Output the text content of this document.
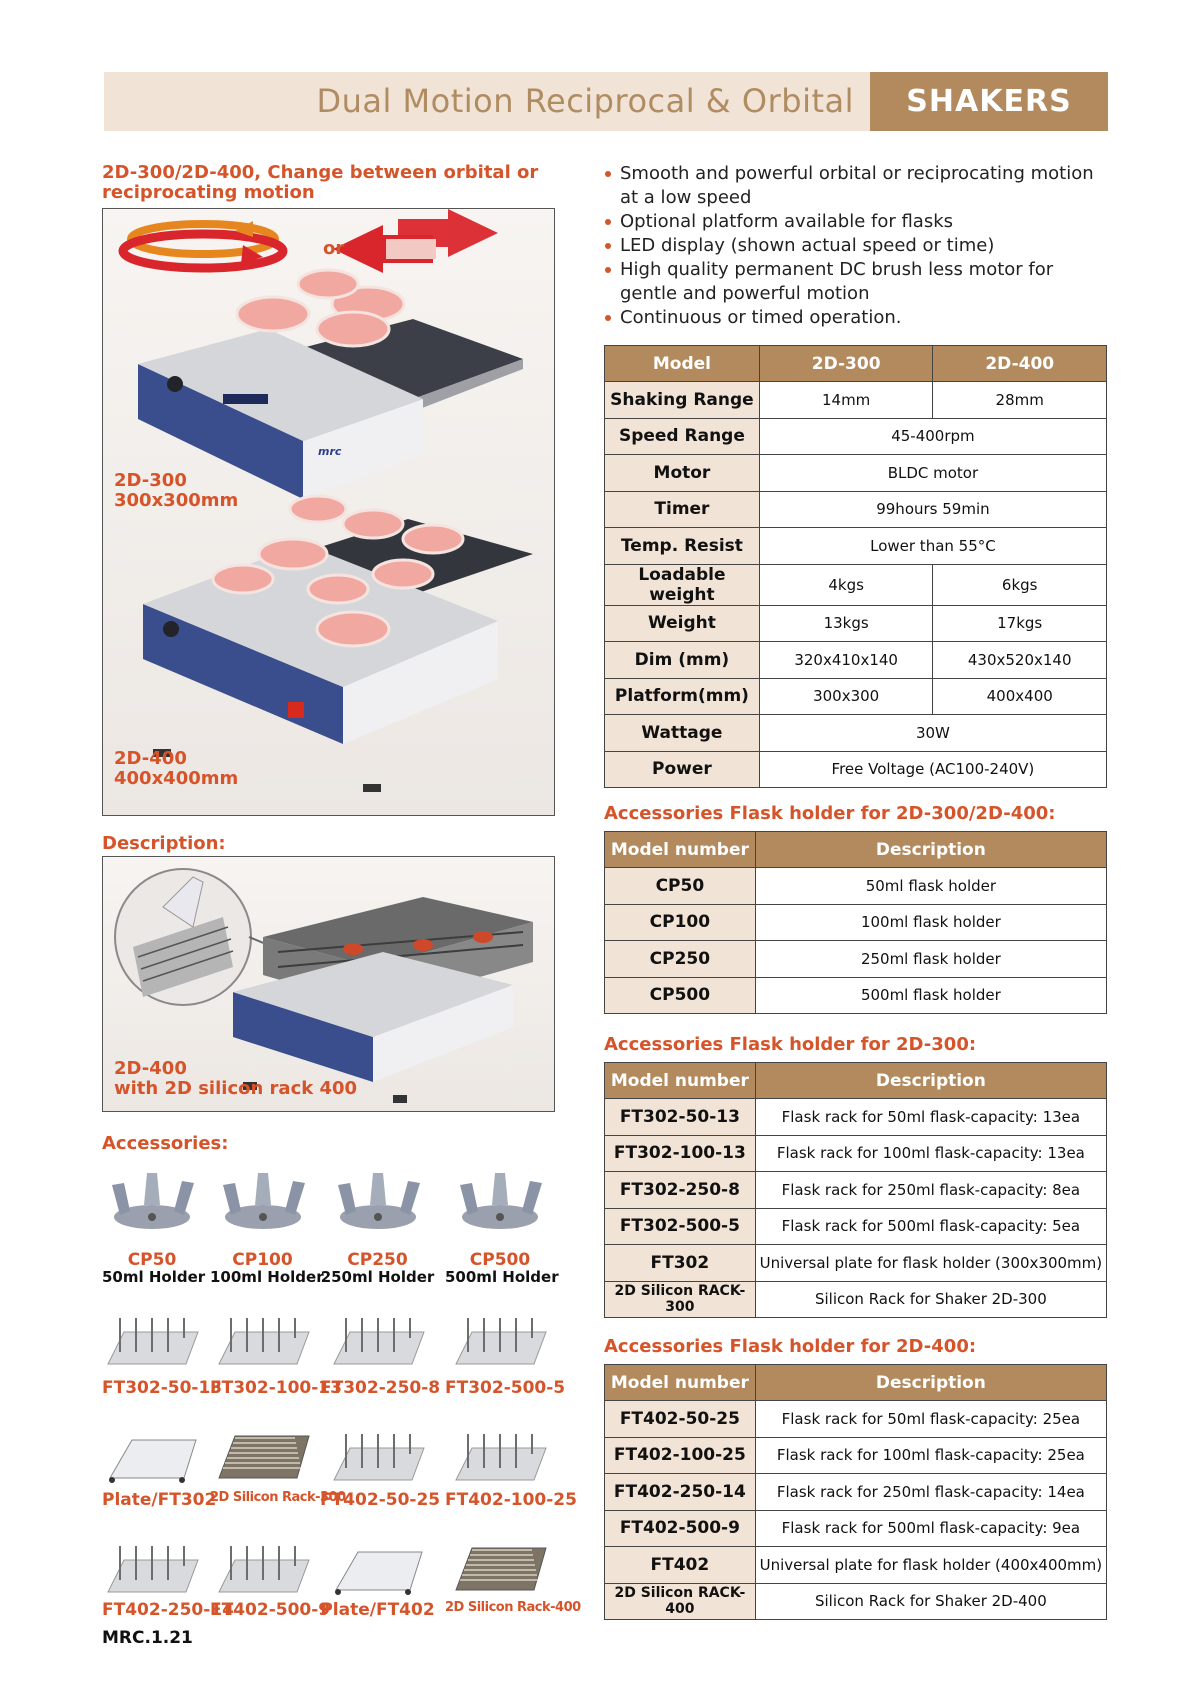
Dual Motion Reciprocal & Orbital	SHAKERS
2D-300/2D-400, Change between orbital or reciprocating motion
or
2D-300
300x300mm
mrc
2D-400
400x400mm
Description:
2D-400
with 2D silicon rack 400
Accessories:
CP50
50ml Holder
CP100
100ml Holder
CP250
250ml Holder
CP500
500ml Holder
FT302-50-13
FT302-100-13
FT302-250-8 FT302-500-5
Plate/FT302
2D Silicon Rack-300
FT402-50-25 FT402-100-25
FT402-250-14
FT402-500-9
Plate/FT402 2D Silicon Rack-400
MRC.1.21

Smooth and powerful orbital or reciprocating motion at a low speed

Optional platform available for flasks

LED display (shown actual speed or time)

High quality permanent DC brush less motor for gentle and powerful motion

Continuous or timed operation.

Model	2D-300	2D-400
Shaking Range	14mm	28mm
Speed Range	45-400rpm	
Motor	BLDC motor	
Timer	99hours 59min	
Temp. Resist	Lower than 55°C	
Loadable weight	4kgs	6kgs
Weight	13kgs	17kgs
Dim (mm)	320x410x140	430x520x140
Platform(mm)	300x300	400x400
Wattage	30W	
Power	Free Voltage (AC100-240V)	
Accessories Flask holder for 2D-300/2D-400:
Model number	Description
CP50	50ml flask holder
CP100	100ml flask holder
CP250	250ml flask holder
CP500	500ml flask holder
Accessories Flask holder for 2D-300:
Model number	Description
FT302-50-13	Flask rack for 50ml flask-capacity: 13ea
FT302-100-13	Flask rack for 100ml flask-capacity: 13ea
FT302-250-8	Flask rack for 250ml flask-capacity: 8ea
FT302-500-5	Flask rack for 500ml flask-capacity: 5ea
FT302	Universal plate for flask holder (300x300mm)
2D Silicon RACK-300	Silicon Rack for Shaker 2D-300
Accessories Flask holder for 2D-400:
Model number	Description
FT402-50-25	Flask rack for 50ml flask-capacity: 25ea
FT402-100-25	Flask rack for 100ml flask-capacity: 25ea
FT402-250-14	Flask rack for 250ml flask-capacity: 14ea
FT402-500-9	Flask rack for 500ml flask-capacity: 9ea
FT402	Universal plate for flask holder (400x400mm)
2D Silicon RACK-400	Silicon Rack for Shaker 2D-400
